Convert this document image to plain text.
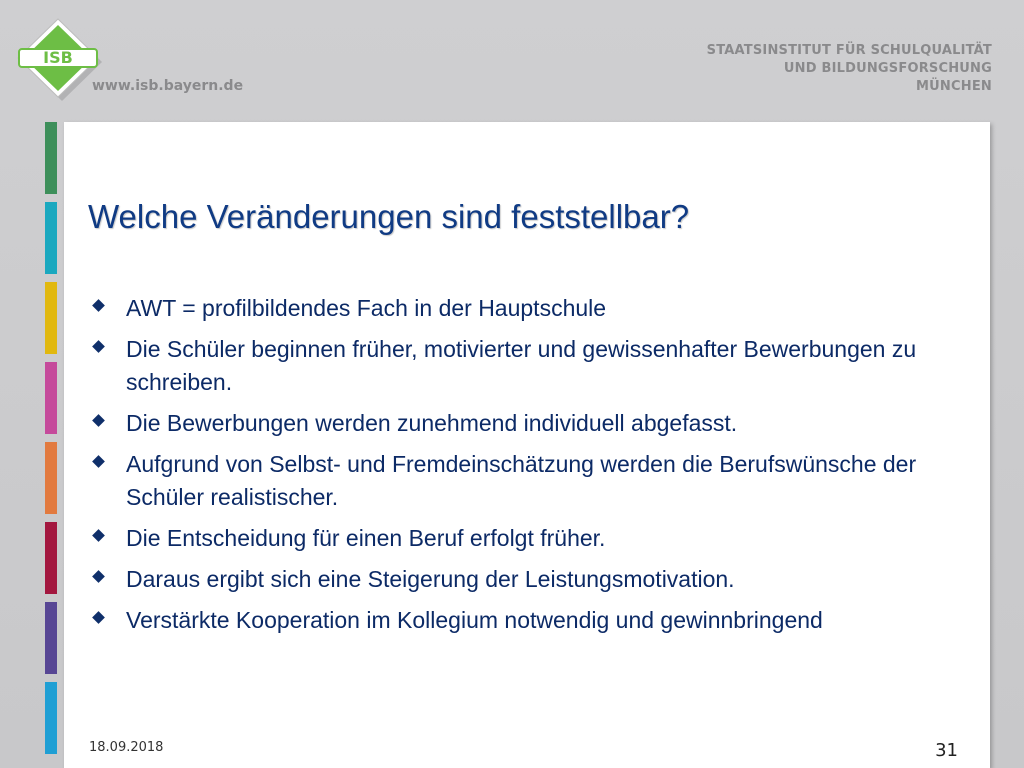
ISB
www.isb.bayern.de
STAATSINSTITUT FÜR SCHULQUALITÄT
UND BILDUNGSFORSCHUNG
MÜNCHEN
Welche Veränderungen sind feststellbar?
AWT = profilbildendes Fach in der Hauptschule
Die Schüler beginnen früher, motivierter und gewissenhafter Bewerbungen zu schreiben.
Die Bewerbungen werden zunehmend individuell abgefasst.
Aufgrund von Selbst- und Fremdeinschätzung werden die Berufswünsche der Schüler realistischer.
Die Entscheidung für einen Beruf erfolgt früher.
Daraus ergibt sich eine Steigerung der Leistungsmotivation.
Verstärkte Kooperation im Kollegium notwendig und gewinnbringend
18.09.2018	31
